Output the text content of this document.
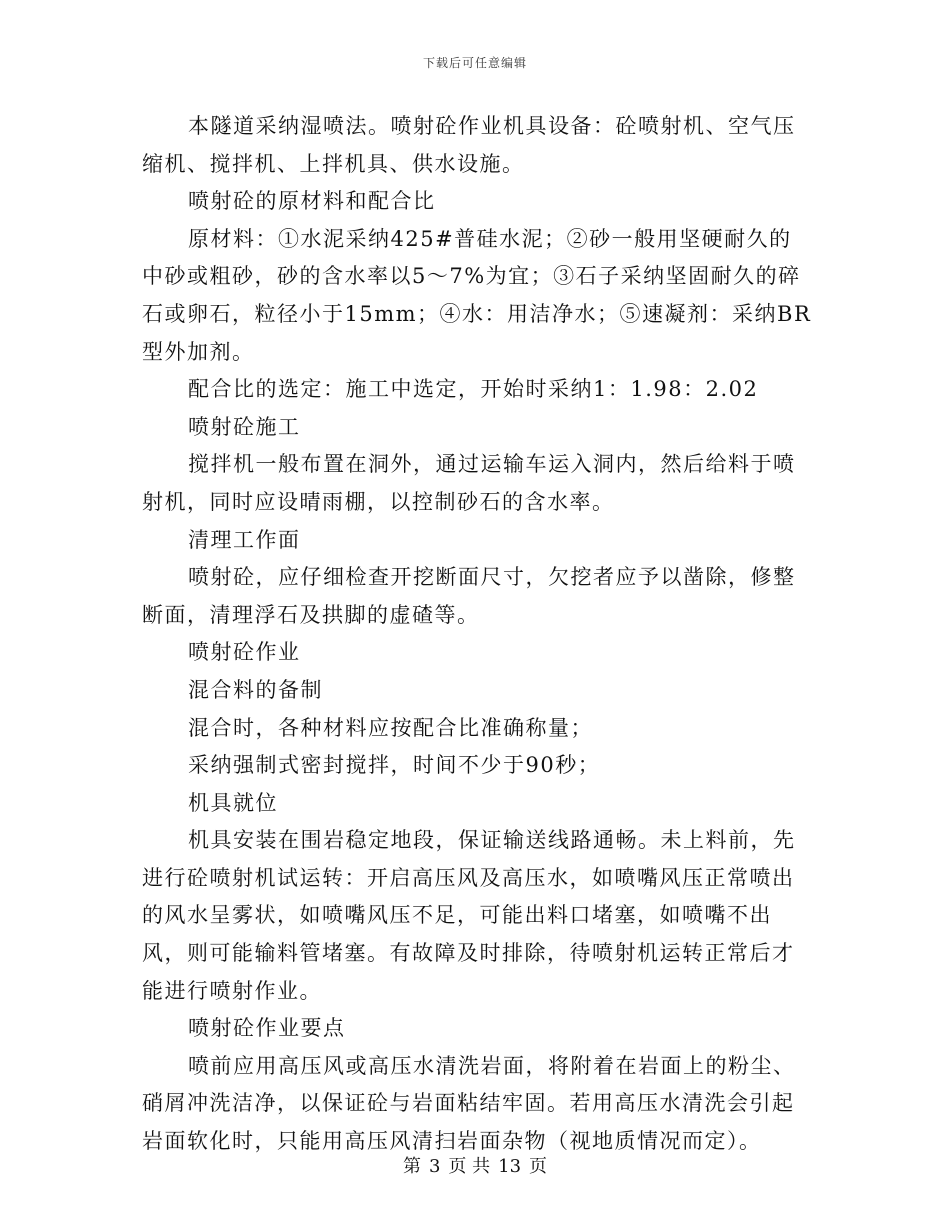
下载后可任意编辑

本隧道采纳湿喷法。喷射砼作业机具设备：砼喷射机、空气压缩机、搅拌机、上拌机具、供水设施。

喷射砼的原材料和配合比

原材料：①水泥采纳425#普硅水泥；②砂一般用坚硬耐久的中砂或粗砂，砂的含水率以5～7%为宜；③石子采纳坚固耐久的碎石或卵石，粒径小于15mm；④水：用洁净水；⑤速凝剂：采纳BR型外加剂。

配合比的选定：施工中选定，开始时采纳1：1.98：2.02

喷射砼施工

搅拌机一般布置在洞外，通过运输车运入洞内，然后给料于喷射机，同时应设晴雨棚，以控制砂石的含水率。

清理工作面

喷射砼，应仔细检查开挖断面尺寸，欠挖者应予以凿除，修整断面，清理浮石及拱脚的虚碴等。

喷射砼作业

混合料的备制

混合时，各种材料应按配合比准确称量；

采纳强制式密封搅拌，时间不少于90秒；

机具就位

机具安装在围岩稳定地段，保证输送线路通畅。未上料前，先进行砼喷射机试运转：开启高压风及高压水，如喷嘴风压正常喷出的风水呈雾状，如喷嘴风压不足，可能出料口堵塞，如喷嘴不出风，则可能输料管堵塞。有故障及时排除，待喷射机运转正常后才能进行喷射作业。

喷射砼作业要点

喷前应用高压风或高压水清洗岩面，将附着在岩面上的粉尘、硝屑冲洗洁净，以保证砼与岩面粘结牢固。若用高压水清洗会引起岩面软化时，只能用高压风清扫岩面杂物（视地质情况而定）。

第 3 页 共 13 页
